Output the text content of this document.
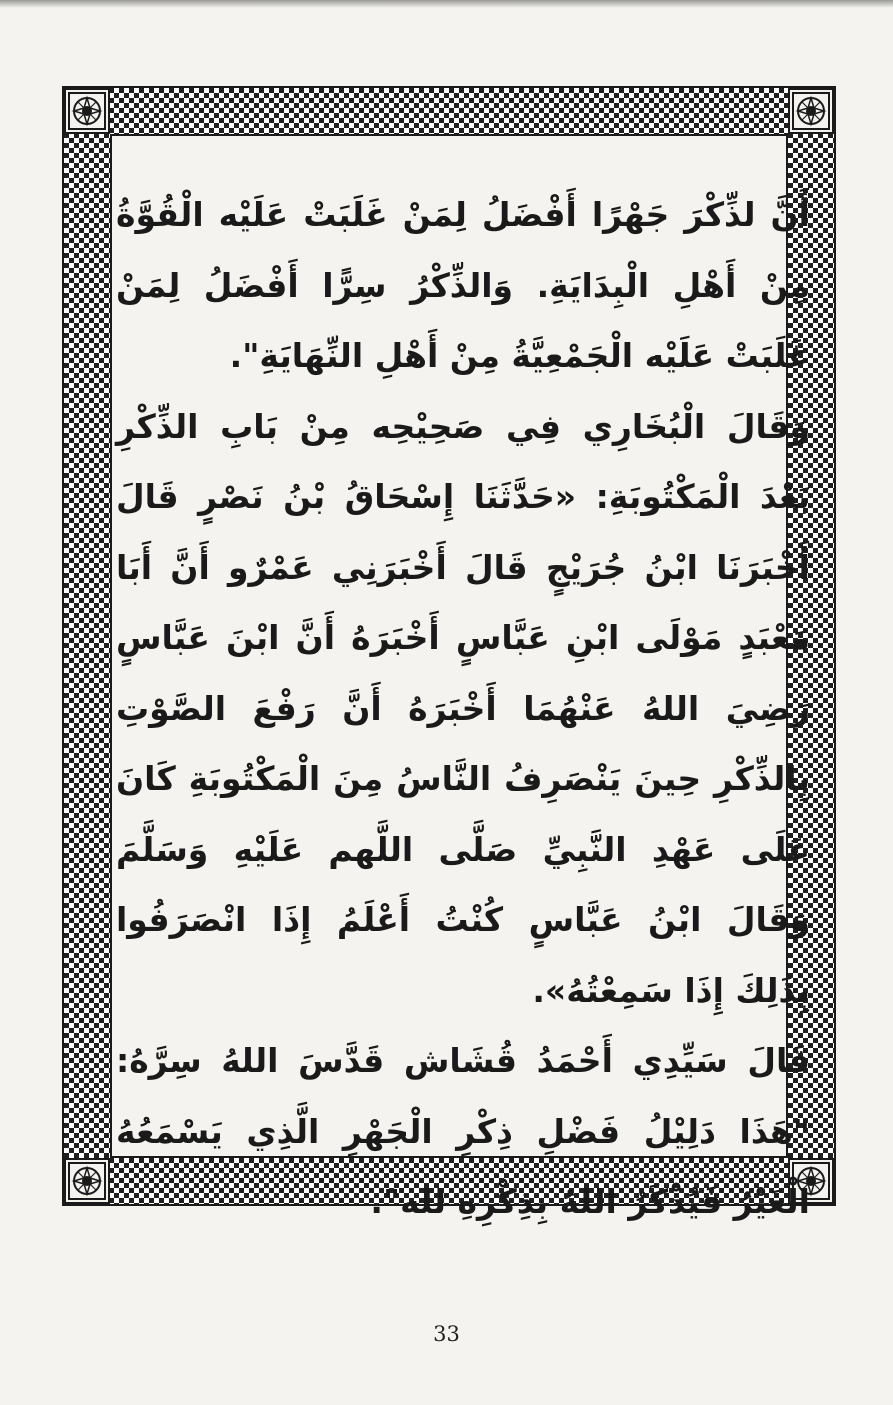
أَنَّ لذِّكْرَ جَهْرًا أَفْضَلُ لِمَنْ غَلَبَتْ عَلَيْه الْقُوَّةُ مِنْ أَهْلِ الْبِدَايَةِ. وَالذِّكْرُ سِرًّا أَفْضَلُ لِمَنْ غَلَبَتْ عَلَيْه الْجَمْعِيَّةُ مِنْ أَهْلِ النِّهَايَةِ".

وَقَالَ الْبُخَارِي فِي صَحِيْحِه مِنْ بَابِ الذِّكْرِ بَعْدَ الْمَكْتُوبَةِ: «حَدَّثَنَا إِسْحَاقُ بْنُ نَصْرٍ قَالَ أَخْبَرَنَا ابْنُ جُرَيْجٍ قَالَ أَخْبَرَنِي عَمْرٌو أَنَّ أَبَا مَعْبَدٍ مَوْلَى ابْنِ عَبَّاسٍ أَخْبَرَهُ أَنَّ ابْنَ عَبَّاسٍ رَضِيَ اللهُ عَنْهُمَا أَخْبَرَهُ أَنَّ رَفْعَ الصَّوْتِ بِالذِّكْرِ حِينَ يَنْصَرِفُ النَّاسُ مِنَ الْمَكْتُوبَةِ كَانَ عَلَى عَهْدِ النَّبِيِّ صَلَّى اللَّهم عَلَيْهِ وَسَلَّمَ وَقَالَ ابْنُ عَبَّاسٍ كُنْتُ أَعْلَمُ إِذَا انْصَرَفُوا بِذَلِكَ إِذَا سَمِعْتُهُ».

قَالَ سَيِّدِي أَحْمَدُ قُشَاش قَدَّسَ اللهُ سِرَّهُ: "هَذَا دَلِيْلُ فَضْلِ ذِكْرِ الْجَهْرِ الَّذِي يَسْمَعُهُ الْغَيْرُ فَيُذْكَرُ اللهُ بِذِكْرِهِ لله".

33
